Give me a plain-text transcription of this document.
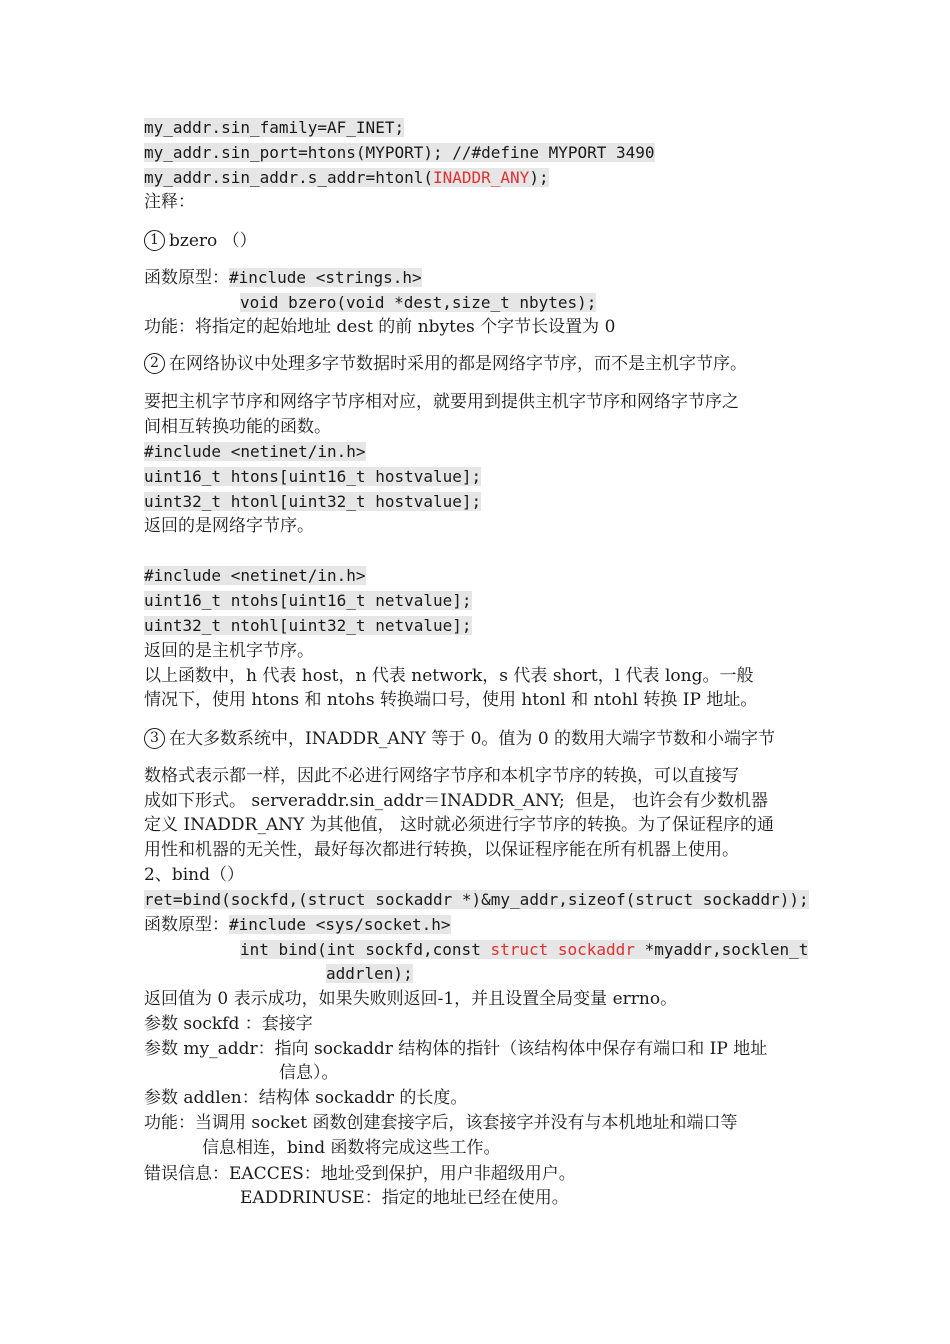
my_addr.sin_family=AF_INET;
my_addr.sin_port=htons(MYPORT); //#define MYPORT 3490
my_addr.sin_addr.s_addr=htonl(INADDR_ANY);
注释：
1 bzero （）
函数原型：#include <strings.h>
void bzero(void *dest,size_t nbytes);
功能：将指定的起始地址 dest 的前 nbytes 个字节长设置为 0
2 在网络协议中处理多字节数据时采用的都是网络字节序，而不是主机字节序。
要把主机字节序和网络字节序相对应，就要用到提供主机字节序和网络字节序之
间相互转换功能的函数。
#include <netinet/in.h>
uint16_t htons[uint16_t hostvalue];
uint32_t htonl[uint32_t hostvalue];
返回的是网络字节序。
#include <netinet/in.h>
uint16_t ntohs[uint16_t netvalue];
uint32_t ntohl[uint32_t netvalue];
返回的是主机字节序。
以上函数中，h 代表 host，n 代表 network，s 代表 short，l 代表 long。一般
情况下，使用 htons 和 ntohs 转换端口号，使用 htonl 和 ntohl 转换 IP 地址。
3 在大多数系统中，INADDR_ANY 等于 0。值为 0 的数用大端字节数和小端字节
数格式表示都一样，因此不必进行网络字节序和本机字节序的转换，可以直接写
成如下形式。 serveraddr.sin_addr＝INADDR_ANY;  但是， 也许会有少数机器
定义 INADDR_ANY 为其他值， 这时就必须进行字节序的转换。为了保证程序的通
用性和机器的无关性，最好每次都进行转换，以保证程序能在所有机器上使用。
2、bind（）
ret=bind(sockfd,(struct sockaddr *)&my_addr,sizeof(struct sockaddr));
函数原型：#include <sys/socket.h>
int bind(int sockfd,const struct sockaddr *myaddr,socklen_t
addrlen);
返回值为 0 表示成功，如果失败则返回-1，并且设置全局变量 errno。
参数 sockfd ：套接字
参数 my_addr：指向 sockaddr 结构体的指针（该结构体中保存有端口和 IP 地址
信息）。
参数 addlen：结构体 sockaddr 的长度。
功能：当调用 socket 函数创建套接字后，该套接字并没有与本机地址和端口等
信息相连，bind 函数将完成这些工作。
错误信息：EACCES：地址受到保护，用户非超级用户。
EADDRINUSE：指定的地址已经在使用。
